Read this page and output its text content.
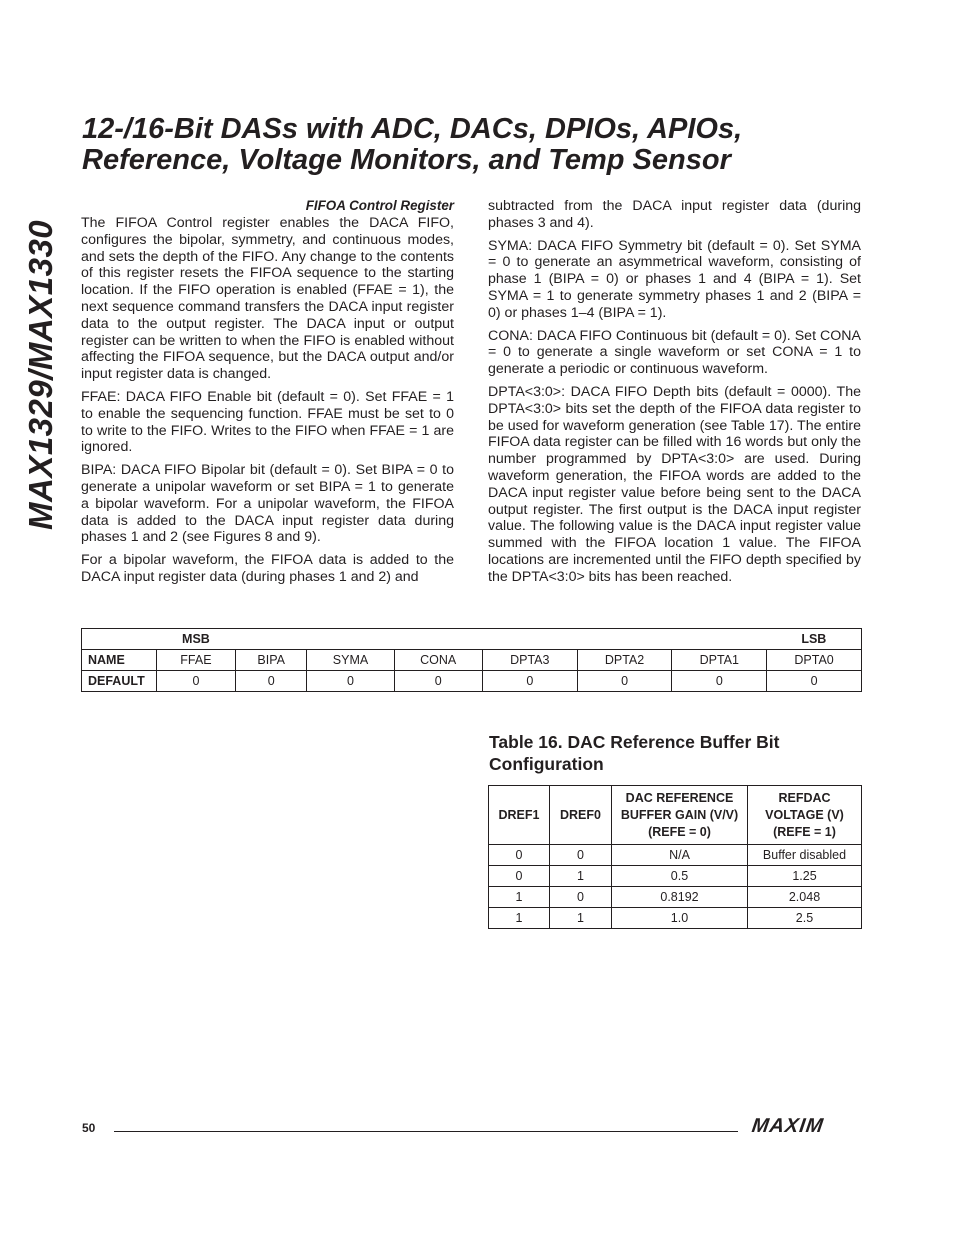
MAX1329/MAX1330
12-/16-Bit DASs with ADC, DACs, DPIOs, APIOs,
Reference, Voltage Monitors, and Temp Sensor
FIFOA Control Register

The FIFOA Control register enables the DACA FIFO, configures the bipolar, symmetry, and continuous modes, and sets the depth of the FIFO. Any change to the contents of this register resets the FIFOA sequence to the starting location. If the FIFO operation is enabled (FFAE = 1), the next sequence command transfers the DACA input register data to the output register. The DACA input or output register can be written to when the FIFO is enabled without affecting the FIFOA sequence, but the DACA output and/or input register data is changed.

FFAE: DACA FIFO Enable bit (default = 0). Set FFAE = 1 to enable the sequencing function. FFAE must be set to 0 to write to the FIFO. Writes to the FIFO when FFAE = 1 are ignored.

BIPA: DACA FIFO Bipolar bit (default = 0). Set BIPA = 0 to generate a unipolar waveform or set BIPA = 1 to generate a bipolar waveform. For a unipolar waveform, the FIFOA data is added to the DACA input register data during phases 1 and 2 (see Figures 8 and 9).

For a bipolar waveform, the FIFOA data is added to the DACA input register data (during phases 1 and 2) and

subtracted from the DACA input register data (during phases 3 and 4).

SYMA: DACA FIFO Symmetry bit (default = 0). Set SYMA = 0 to generate an asymmetrical waveform, consisting of phase 1 (BIPA = 0) or phases 1 and 4 (BIPA = 1). Set SYMA = 1 to generate symmetry phases 1 and 2 (BIPA = 0) or phases 1–4 (BIPA = 1).

CONA: DACA FIFO Continuous bit (default = 0). Set CONA = 0 to generate a single waveform or set CONA = 1 to generate a periodic or continuous waveform.

DPTA<3:0>: DACA FIFO Depth bits (default = 0000). The DPTA<3:0> bits set the depth of the FIFOA data register to be used for waveform generation (see Table 17). The entire FIFOA data register can be filled with 16 words but only the number programmed by DPTA<3:0> are used. During waveform generation, the FIFOA words are added to the DACA input register value before being sent to the DACA output register. The first output is the DACA input register value. The following value is the DACA input register value summed with the FIFOA location 1 value. The FIFOA locations are incremented until the FIFO depth specified by the DPTA<3:0> bits has been reached.

	MSB							LSB
NAME	FFAE	BIPA	SYMA	CONA	DPTA3	DPTA2	DPTA1	DPTA0
DEFAULT	0	0	0	0	0	0	0	0
Table 16. DAC Reference Buffer Bit Configuration
DREF1	DREF0	DAC REFERENCE BUFFER GAIN (V/V) (REFE = 0)	REFDAC VOLTAGE (V) (REFE = 1)
0	0	N/A	Buffer disabled
0	1	0.5	1.25
1	0	0.8192	2.048
1	1	1.0	2.5
50	MAXIM
